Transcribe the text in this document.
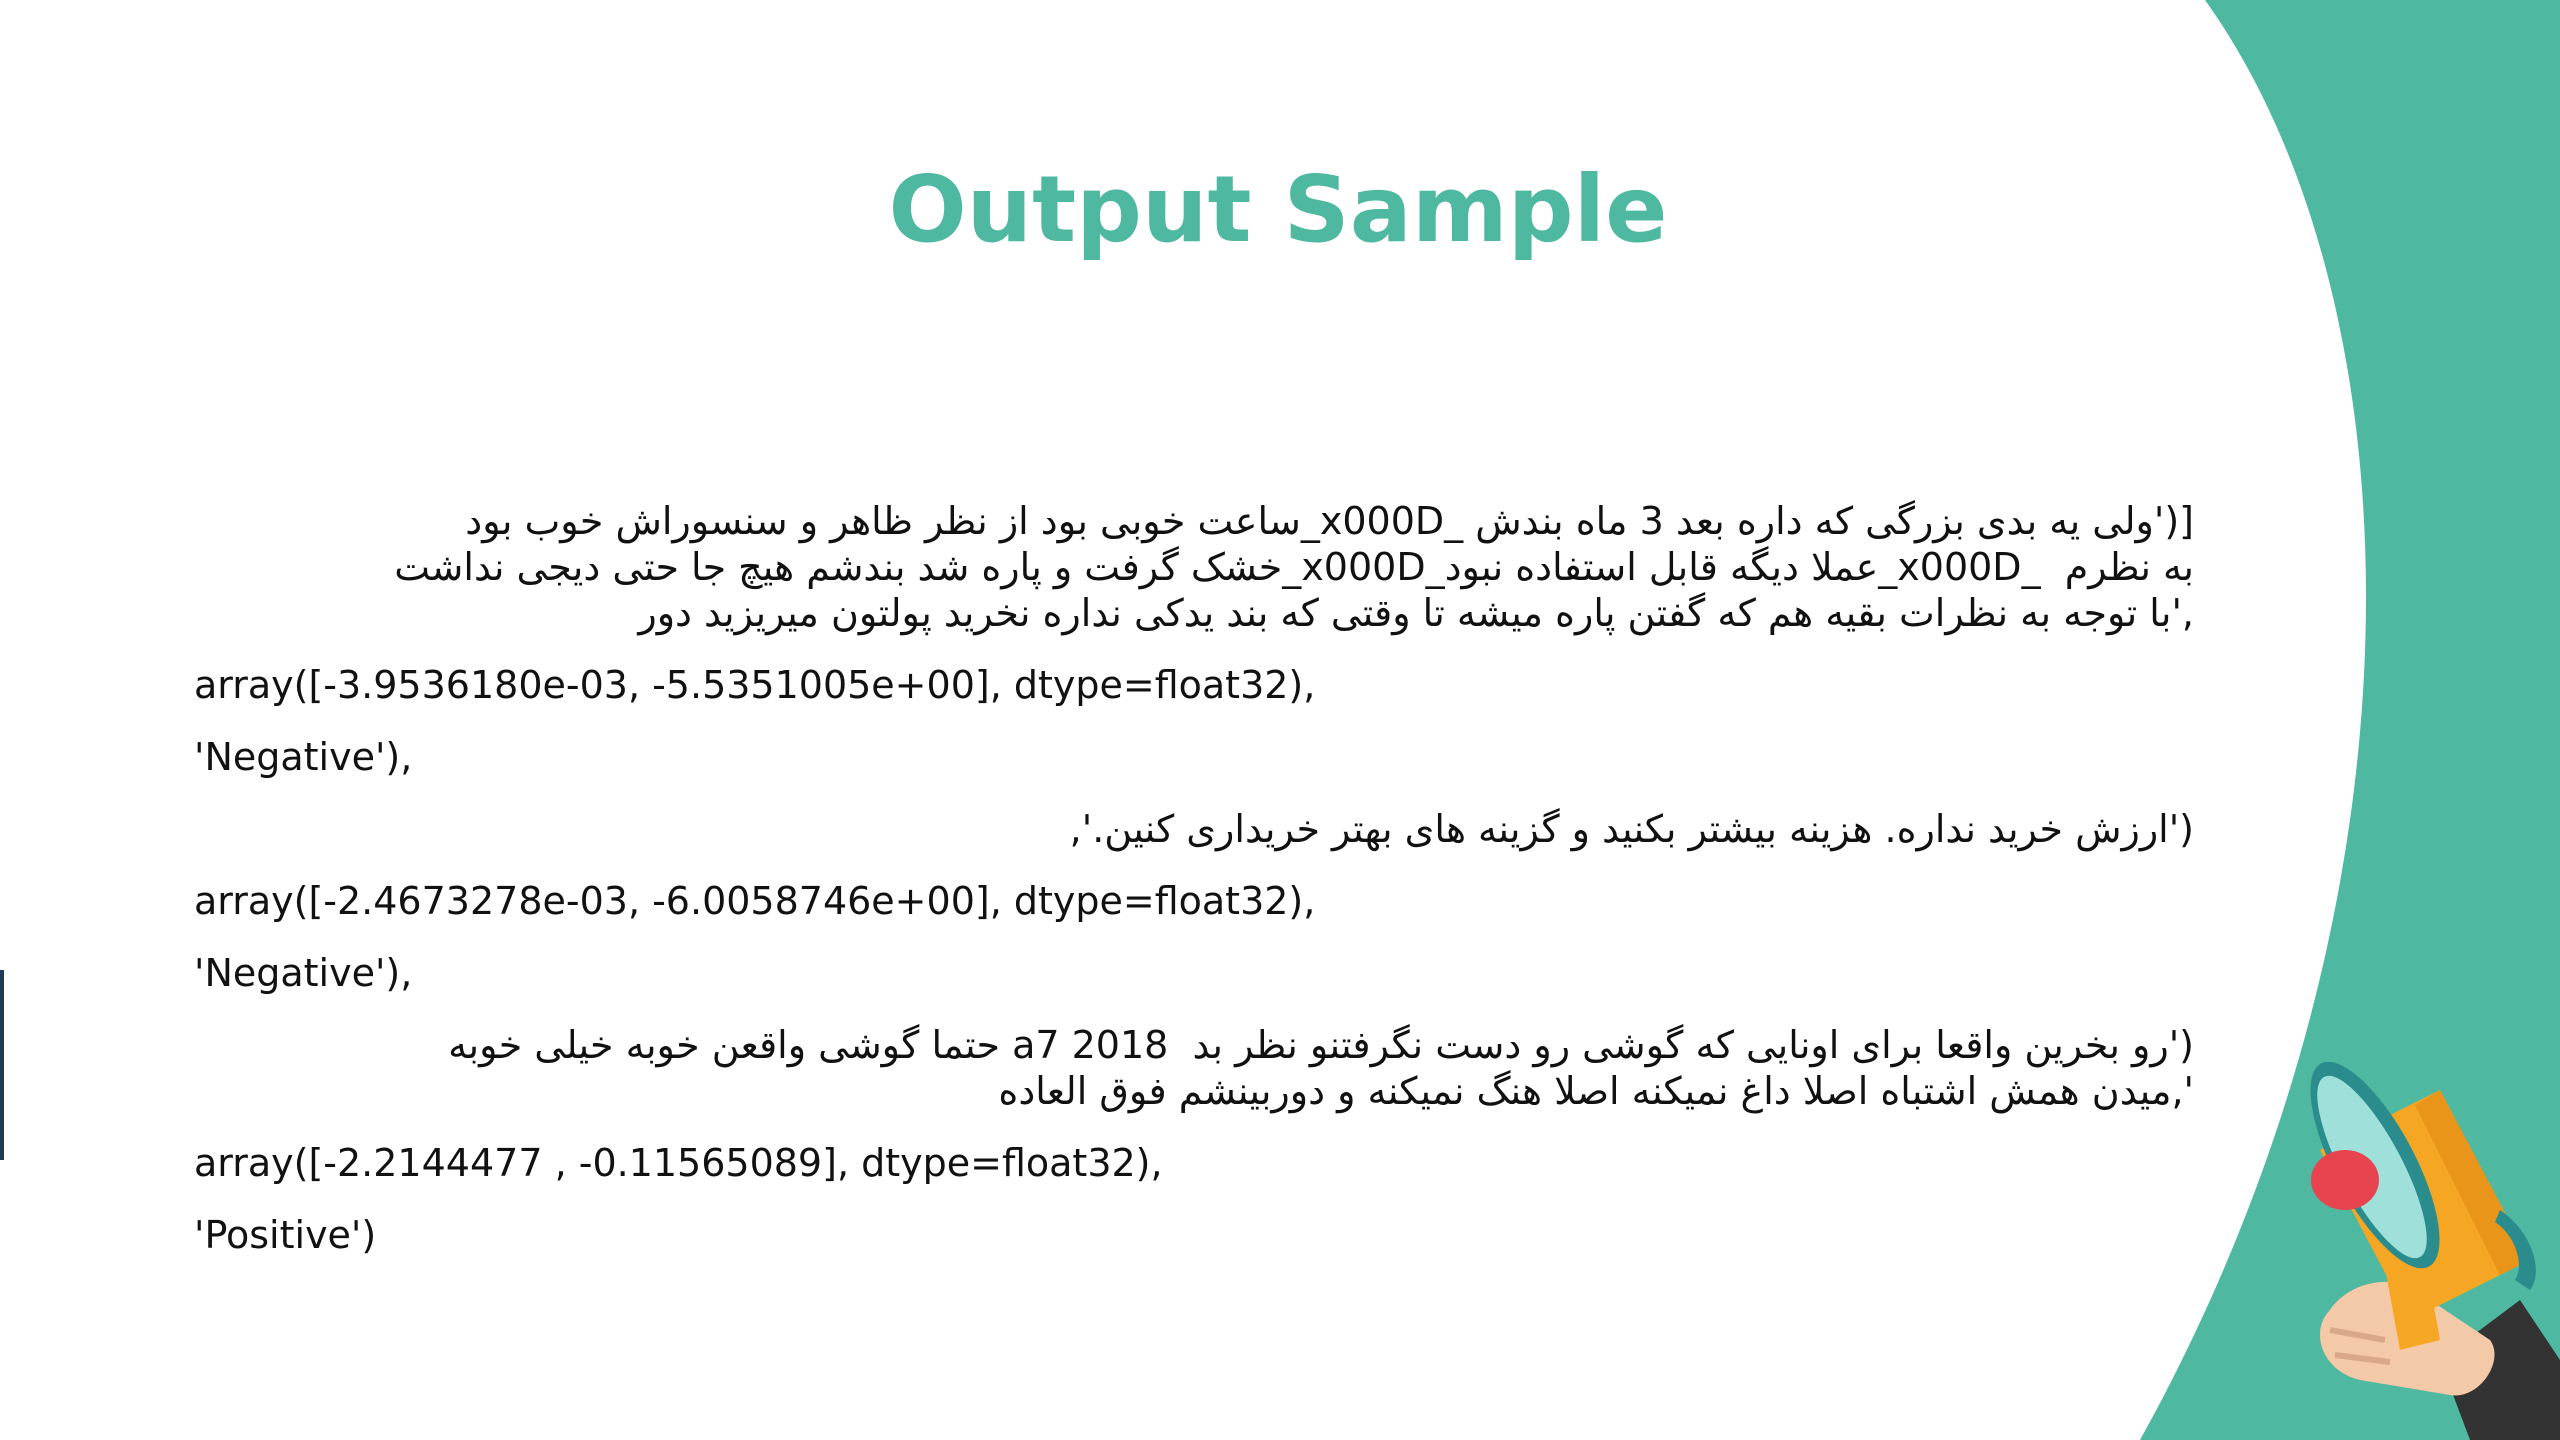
Output Sample
[('ولی یه بدی بزرگی که داره بعد 3 ماه بندش _x000D_ساعت خوبی بود از نظر ظاهر و سنسوراش خوب بود
به نظرم  _x000D_عملا دیگه قابل استفاده نبود_x000D_خشک گرفت و پاره شد بندشم هیچ جا حتی دیجی نداشت
,'با توجه به نظرات بقیه هم که گفتن پاره میشه تا وقتی که بند یدکی نداره نخرید پولتون میریزید دور

array([-3.9536180e-03, -5.5351005e+00], dtype=float32),

'Negative'),

('ارزش خرید نداره. هزینه بیشتر بکنید و گزینه های بهتر خریداری کنین.',

array([-2.4673278e-03, -6.0058746e+00], dtype=float32),

'Negative'),

('رو بخرین واقعا برای اونایی که گوشی رو دست نگرفتنو نظر بد  a7 2018 حتما گوشی واقعن خوبه خیلی خوبه
',میدن همش اشتباه اصلا داغ نمیکنه اصلا هنگ نمیکنه و دوربینشم فوق العاده

array([-2.2144477 , -0.11565089], dtype=float32),

'Positive')
